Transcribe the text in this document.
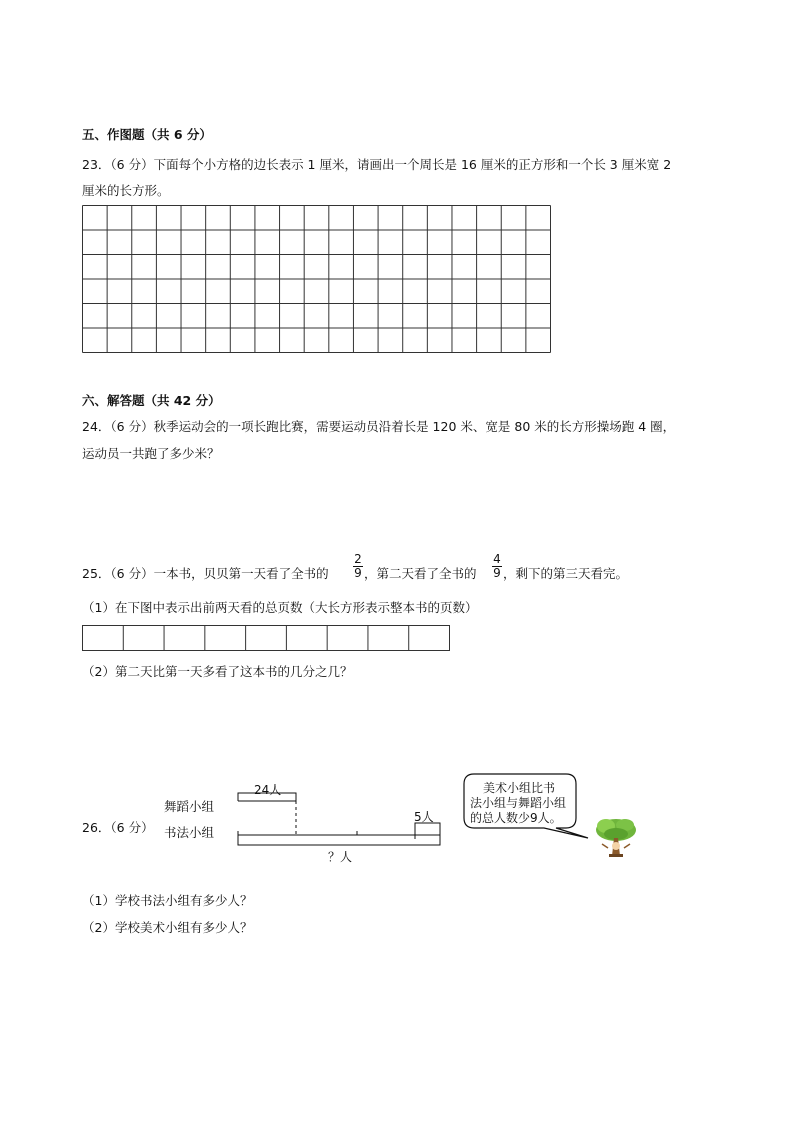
五、作图题（共 6 分）
23．（6 分）下面每个小方格的边长表示 1 厘米，请画出一个周长是 16 厘米的正方形和一个长 3 厘米宽 2
厘米的长方形。
六、解答题（共 42 分）
24．（6 分）秋季运动会的一项长跑比赛，需要运动员沿着长是 120 米、宽是 80 米的长方形操场跑 4 圈，
运动员一共跑了多少米？
25．（6 分）一本书，贝贝第一天看了全书的
2
9 ，第二天看了全书的
4
9 ，剩下的第三天看完。
（1）在下图中表示出前两天看的总页数（大长方形表示整本书的页数）
（2）第二天比第一天多看了这本书的几分之几？
26．（6 分）
舞蹈小组
书法小组
24人
5人
？人
美术小组比书
法小组与舞蹈小组
的总人数少9人。
（1）学校书法小组有多少人？
（2）学校美术小组有多少人？
